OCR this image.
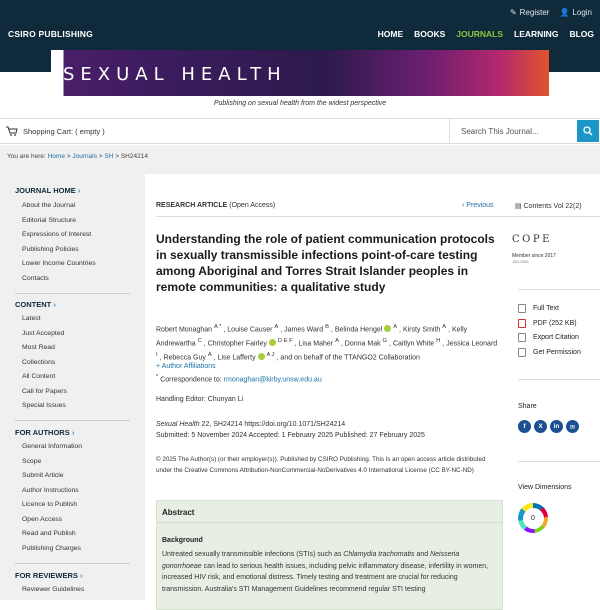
✎ Register 👤 Login
CSIRO PUBLISHING	HOME BOOKS JOURNALS LEARNING BLOG
SEXUAL HEALTH
Publishing on sexual health from the widest perspective
Shopping Cart: ( empty )	Search This Journal...
You are here: Home > Journals > SH > SH24214
JOURNAL HOME ›
About the Journal
Editorial Structure
Expressions of Interest
Publishing Policies
Lower Income Countries
Contacts
CONTENT ›
Latest
Just Accepted
Most Read
Collections
All Content
Call for Papers
Special Issues
FOR AUTHORS ›
General Information
Scope
Submit Article
Author Instructions
Licence to Publish
Open Access
Read and Publish
Publishing Charges
FOR REVIEWERS ›
Reviewer Guidelines
RESEARCH ARTICLE (Open Access)	‹ Previous	▤ Contents Vol 22(2)
Understanding the role of patient communication protocols in sexually transmissible infections point-of-care testing among Aboriginal and Torres Strait Islander peoples in remote communities: a qualitative study
Robert Monaghan $^{A *}$ , Louise Causer $^A$ , James Ward $^B$ , Belinda Hengel  $^A$ , Kirsty Smith $^A$ , Kelly Andrewartha $^C$ , Christopher Fairley  $^{D E F}$ , Lisa Maher $^A$ , Donna Mak $^G$ , Caitlyn White $^H$ , Jessica Leonard $^I$ , Rebecca Guy $^A$ , Lise Lafferty  $^{A J}$ , and on behalf of the TTANGO2 Collaboration
+ Author Affiliations
* Correspondence to: rmonaghan@kirby.unsw.edu.au
Handling Editor: Chunyan Li
Sexual Health 22, SH24214 https://doi.org/10.1071/SH24214
Submitted: 5 November 2024 Accepted: 1 February 2025 Published: 27 February 2025
© 2025 The Author(s) (or their employer(s)). Published by CSIRO Publishing. This is an open access article distributed under the Creative Commons Attribution-NonCommercial-NoDerivatives 4.0 International License (CC BY-NC-ND)
Abstract
Background
Untreated sexually transmissible infections (STIs) such as Chlamydia trachomatis and Neisseria gonorrhoeae can lead to serious health issues, including pelvic inflammatory disease, infertility in women, increased HIV risk, and emotional distress. Timely testing and treatment are crucial for reducing transmission. Australia's STI Management Guidelines recommend regular STI testing
COPE
Member since 2017
JM12066
Full Text
PDF (252 KB)
Export Citation
Get Permission
Share
f	X	in	✉
View Dimensions
0
